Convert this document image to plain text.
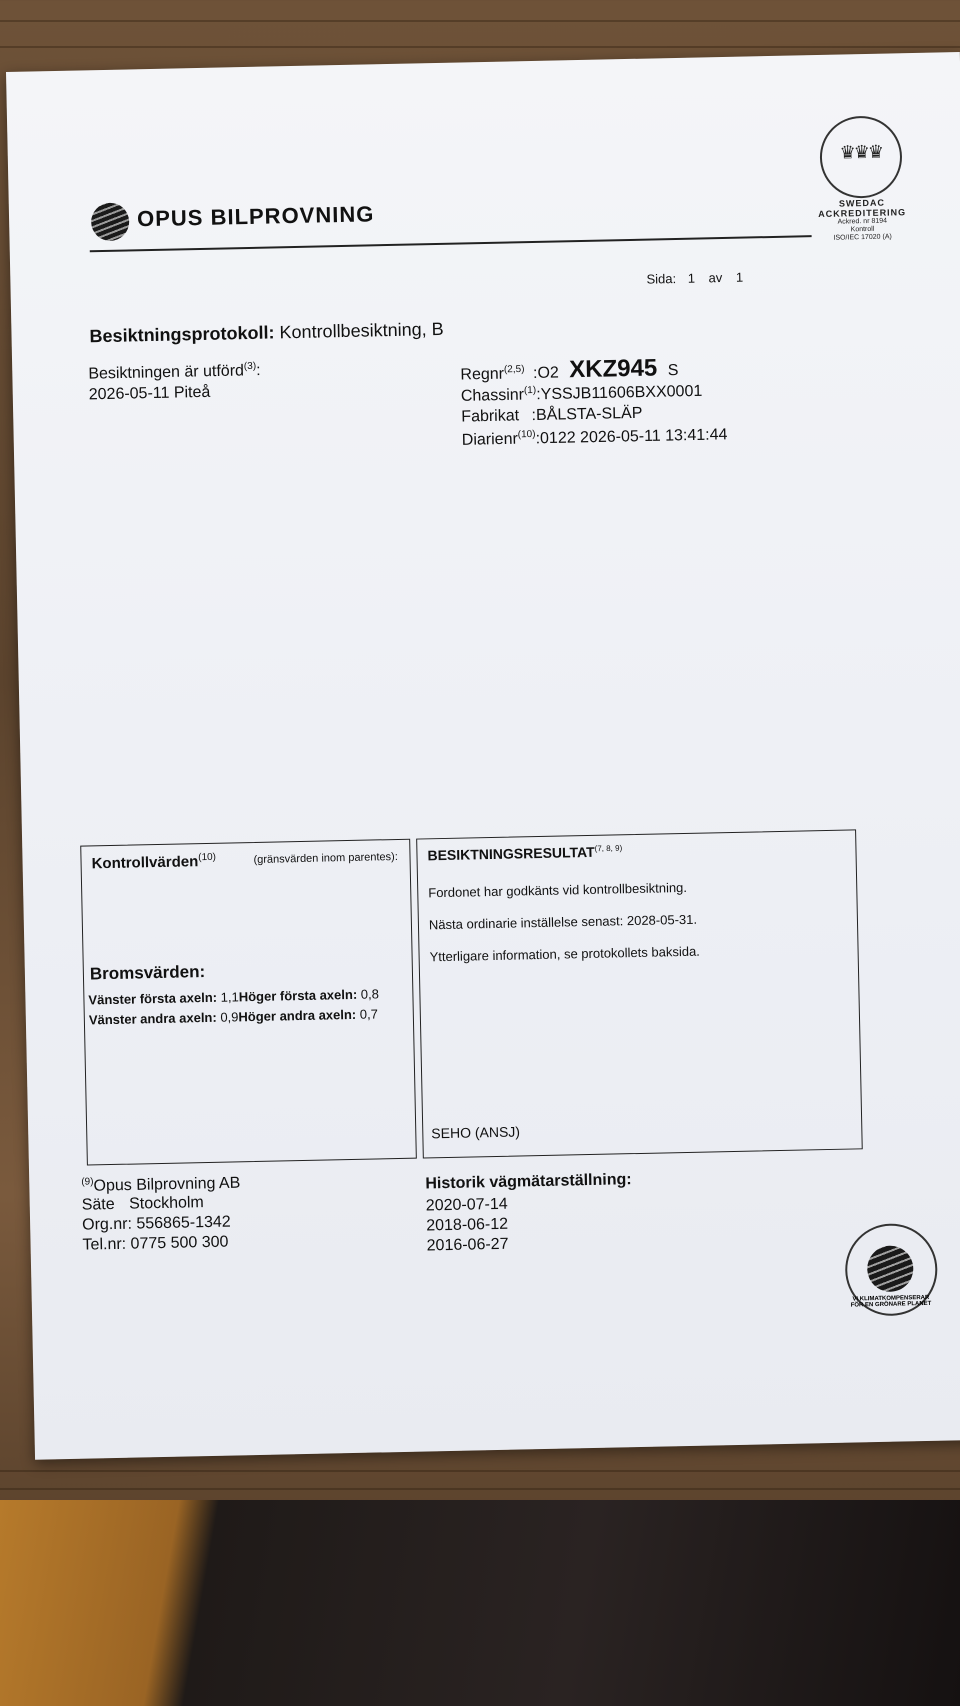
OPUS BILPROVNING
♛♛♛
SWEDAC ACKREDITERING
Ackred. nr 8194
Kontroll
ISO/IEC 17020 (A)
Sida: 1 av 1
Besiktningsprotokoll: Kontrollbesiktning, B
Besiktningen är utförd$^{(3)}$:
2026-05-11 Piteå
Regnr$^{(2,5)}$ :O2 XKZ945 S
Chassinr$^{(1)}$:YSSJB11606BXX0001
Fabrikat :BÅLSTA-SLÄP
Diarienr$^{(10)}$:0122 2026-05-11 13:41:44
Kontrollvärden$^{(10)}$	(gränsvärden inom parentes):
Bromsvärden:
Vänster första axeln: 1,1Höger första axeln: 0,8
Vänster andra axeln: 0,9Höger andra axeln: 0,7
BESIKTNINGSRESULTAT$^{(7, 8, 9)}$
Fordonet har godkänts vid kontrollbesiktning.
Nästa ordinarie inställelse senast: 2028-05-31.
Ytterligare information, se protokollets baksida.
SEHO (ANSJ)
$^{(9)}$Opus Bilprovning AB
Säte Stockholm
Org.nr: 556865-1342
Tel.nr: 0775 500 300
Historik vägmätarställning:
2020-07-14
2018-06-12
2016-06-27
VI KLIMATKOMPENSERAR FÖR EN GRÖNARE PLANET
